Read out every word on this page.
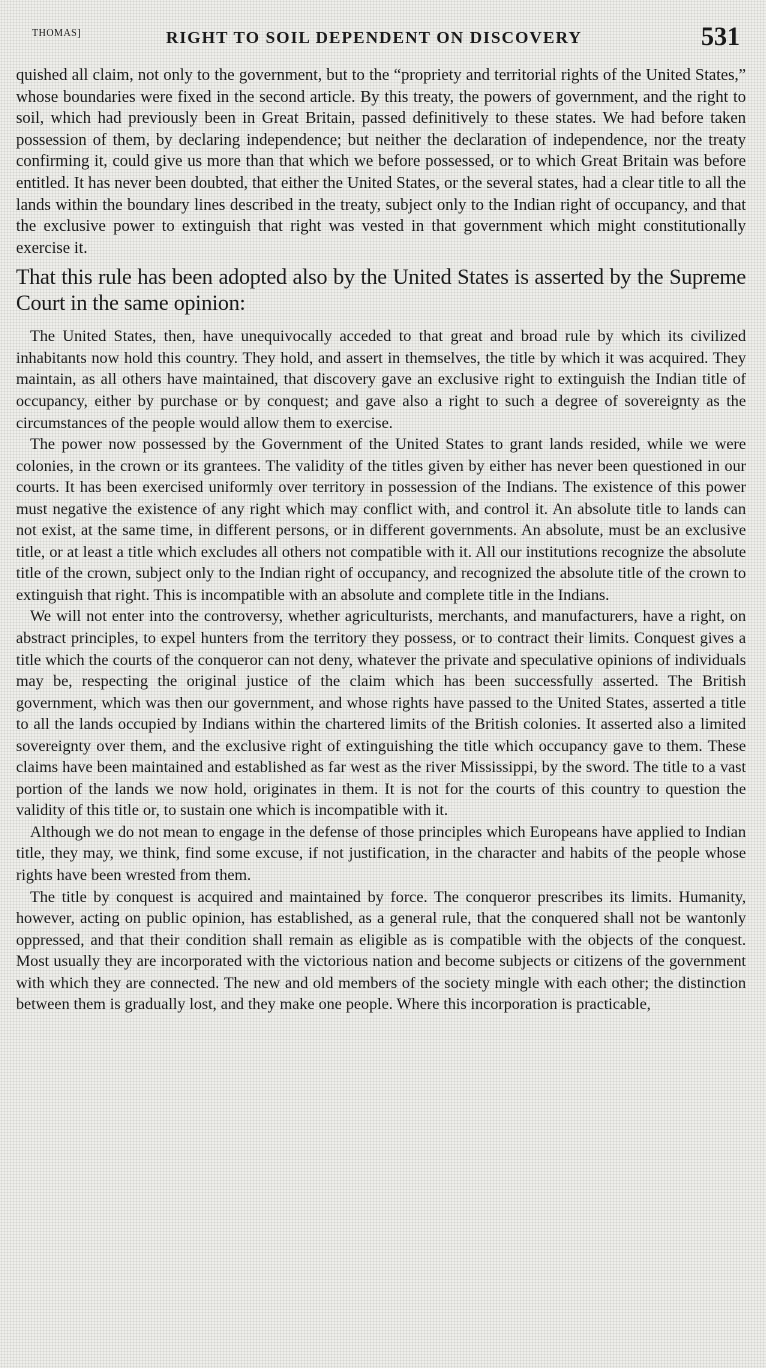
THOMAS]	RIGHT TO SOIL DEPENDENT ON DISCOVERY	531

quished all claim, not only to the government, but to the “propriety and territorial rights of the United States,” whose boundaries were fixed in the second article. By this treaty, the powers of government, and the right to soil, which had previously been in Great Britain, passed definitively to these states. We had before taken possession of them, by declaring independence; but neither the declaration of independence, nor the treaty confirming it, could give us more than that which we before possessed, or to which Great Britain was before entitled. It has never been doubted, that either the United States, or the several states, had a clear title to all the lands within the boundary lines described in the treaty, subject only to the Indian right of occupancy, and that the exclusive power to extinguish that right was vested in that government which might constitutionally exercise it.

That this rule has been adopted also by the United States is asserted by the Supreme Court in the same opinion:

The United States, then, have unequivocally acceded to that great and broad rule by which its civilized inhabitants now hold this country. They hold, and assert in themselves, the title by which it was acquired. They maintain, as all others have maintained, that discovery gave an exclusive right to extinguish the Indian title of occupancy, either by purchase or by conquest; and gave also a right to such a degree of sovereignty as the circumstances of the people would allow them to exercise.

The power now possessed by the Government of the United States to grant lands resided, while we were colonies, in the crown or its grantees. The validity of the titles given by either has never been questioned in our courts. It has been exercised uniformly over territory in possession of the Indians. The existence of this power must negative the existence of any right which may conflict with, and control it. An absolute title to lands can not exist, at the same time, in different persons, or in different governments. An absolute, must be an exclusive title, or at least a title which excludes all others not compatible with it. All our institutions recognize the absolute title of the crown, subject only to the Indian right of occupancy, and recognized the absolute title of the crown to extinguish that right. This is incompatible with an absolute and complete title in the Indians.

We will not enter into the controversy, whether agriculturists, merchants, and manufacturers, have a right, on abstract principles, to expel hunters from the territory they possess, or to contract their limits. Conquest gives a title which the courts of the conqueror can not deny, whatever the private and speculative opinions of individuals may be, respecting the original justice of the claim which has been successfully asserted. The British government, which was then our government, and whose rights have passed to the United States, asserted a title to all the lands occupied by Indians within the chartered limits of the British colonies. It asserted also a limited sovereignty over them, and the exclusive right of extinguishing the title which occupancy gave to them. These claims have been maintained and established as far west as the river Mississippi, by the sword. The title to a vast portion of the lands we now hold, originates in them. It is not for the courts of this country to question the validity of this title or, to sustain one which is incompatible with it.

Although we do not mean to engage in the defense of those principles which Europeans have applied to Indian title, they may, we think, find some excuse, if not justification, in the character and habits of the people whose rights have been wrested from them.

The title by conquest is acquired and maintained by force. The conqueror prescribes its limits. Humanity, however, acting on public opinion, has established, as a general rule, that the conquered shall not be wantonly oppressed, and that their condition shall remain as eligible as is compatible with the objects of the conquest. Most usually they are incorporated with the victorious nation and become subjects or citizens of the government with which they are connected. The new and old members of the society mingle with each other; the distinction between them is gradually lost, and they make one people. Where this incorporation is practicable,
